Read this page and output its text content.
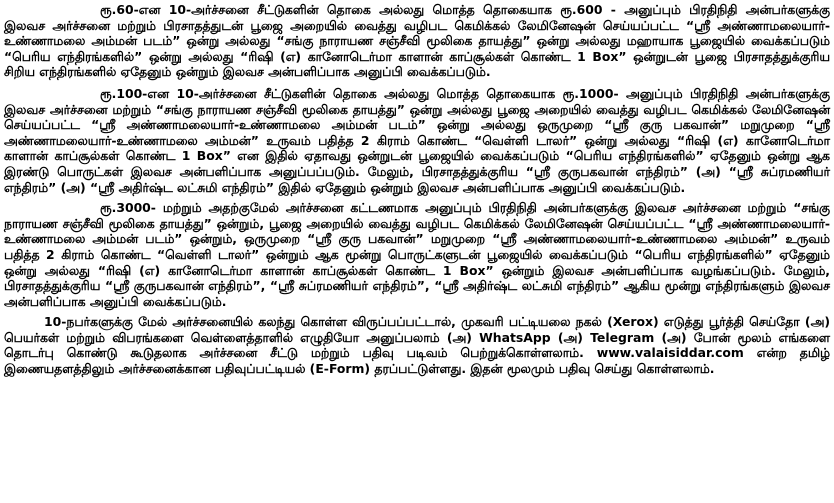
ரூ.60-என 10-அர்ச்சனை சீட்டுகளின் தொகை அல்லது மொத்த தொகையாக ரூ.600 - அனுப்பும் பிரதிநிதி அன்பர்களுக்கு இலவச அர்ச்சனை மற்றும் பிரசாதத்துடன் பூஜை அறையில் வைத்து வழிபட கெமிக்கல் லேமினேஷன் செய்யப்பட்ட “ஸ்ரீ அண்ணாமலையார்-உண்ணாமலை அம்மன் படம்” ஒன்று அல்லது “சங்கு நாராயண சஞ்சீவி மூலிகை தாயத்து” ஒன்று அல்லது மஹாயாக பூஜையில் வைக்கப்படும் “பெரிய எந்திரங்களில்” ஒன்று அல்லது “ரிஷி (எ) கானோடெர்மா காளான் காப்சூல்கள் கொண்ட 1 Box” ஒன்றுடன் பூஜை பிரசாதத்துக்குரிய சிறிய எந்திரங்களில் ஏதேனும் ஒன்றும் இலவச அன்பளிப்பாக அனுப்பி வைக்கப்படும்.

ரூ.100-என 10-அர்ச்சனை சீட்டுகளின் தொகை அல்லது மொத்த தொகையாக ரூ.1000- அனுப்பும் பிரதிநிதி அன்பர்களுக்கு இலவச அர்ச்சனை மற்றும் “சங்கு நாராயண சஞ்சீவி மூலிகை தாயத்து” ஒன்று அல்லது பூஜை அறையில் வைத்து வழிபட கெமிக்கல் லேமினேஷன் செய்யப்பட்ட “ஸ்ரீ அண்ணாமலையார்-உண்ணாமலை அம்மன் படம்” ஒன்று அல்லது ஒருமுறை “ஸ்ரீ குரு பகவான்” மறுமுறை “ஸ்ரீ அண்ணாமலையார்-உண்ணாமலை அம்மன்” உருவம் பதித்த 2 கிராம் கொண்ட “வெள்ளி டாலர்” ஒன்று அல்லது “ரிஷி (எ) கானோடெர்மா காளான் காப்சூல்கள் கொண்ட 1 Box” என இதில் ஏதாவது ஒன்றுடன் பூஜையில் வைக்கப்படும் “பெரிய எந்திரங்களில்” ஏதேனும் ஒன்று ஆக இரண்டு பொருட்கள் இலவச அன்பளிப்பாக அனுப்பப்படும். மேலும், பிரசாதத்துக்குரிய “ஸ்ரீ குருபகவான் எந்திரம்” (அ) “ஸ்ரீ சுப்ரமணியர் எந்திரம்” (அ) “ஸ்ரீ அதிர்ஷ்ட லட்சுமி எந்திரம்” இதில் ஏதேனும் ஒன்றும் இலவச அன்பளிப்பாக அனுப்பி வைக்கப்படும்.

ரூ.3000- மற்றும் அதற்குமேல் அர்ச்சனை கட்டணமாக அனுப்பும் பிரதிநிதி அன்பர்களுக்கு இலவச அர்ச்சனை மற்றும் “சங்கு நாராயண சஞ்சீவி மூலிகை தாயத்து” ஒன்றும், பூஜை அறையில் வைத்து வழிபட கெமிக்கல் லேமினேஷன் செய்யப்பட்ட “ஸ்ரீ அண்ணாமலையார்-உண்ணாமலை அம்மன் படம்” ஒன்றும், ஒருமுறை “ஸ்ரீ குரு பகவான்” மறுமுறை “ஸ்ரீ அண்ணாமலையார்-உண்ணாமலை அம்மன்” உருவம் பதித்த 2 கிராம் கொண்ட “வெள்ளி டாலர்” ஒன்றும் ஆக மூன்று பொருட்களுடன் பூஜையில் வைக்கப்படும் “பெரிய எந்திரங்களில்” ஏதேனும் ஒன்று அல்லது “ரிஷி (எ) கானோடெர்மா காளான் காப்சூல்கள் கொண்ட 1 Box” ஒன்றும் இலவச அன்பளிப்பாக வழங்கப்படும். மேலும், பிரசாதத்துக்குரிய “ஸ்ரீ குருபகவான் எந்திரம்”, “ஸ்ரீ சுப்ரமணியர் எந்திரம்”, “ஸ்ரீ அதிர்ஷ்ட லட்சுமி எந்திரம்” ஆகிய மூன்று எந்திரங்களும் இலவச அன்பளிப்பாக அனுப்பி வைக்கப்படும்.

10-நபர்களுக்கு மேல் அர்ச்சனையில் கலந்து கொள்ள விருப்பப்பட்டால், முகவரி பட்டியலை நகல் (Xerox) எடுத்து பூர்த்தி செய்தோ (அ) பெயர்கள் மற்றும் விபரங்களை வெள்ளைத்தாளில் எழுதியோ அனுப்பலாம் (அ) WhatsApp (அ) Telegram (அ) போன் மூலம் எங்களை தொடர்பு கொண்டு கூடுதலாக அர்ச்சனை சீட்டு மற்றும் பதிவு படிவம் பெற்றுக்கொள்ளலாம். www.valaisiddar.com என்ற தமிழ் இணையதளத்திலும் அர்ச்சனைக்கான பதிவுப்பட்டியல் (E-Form) தரப்பட்டுள்ளது. இதன் மூலமும் பதிவு செய்து கொள்ளலாம்.
